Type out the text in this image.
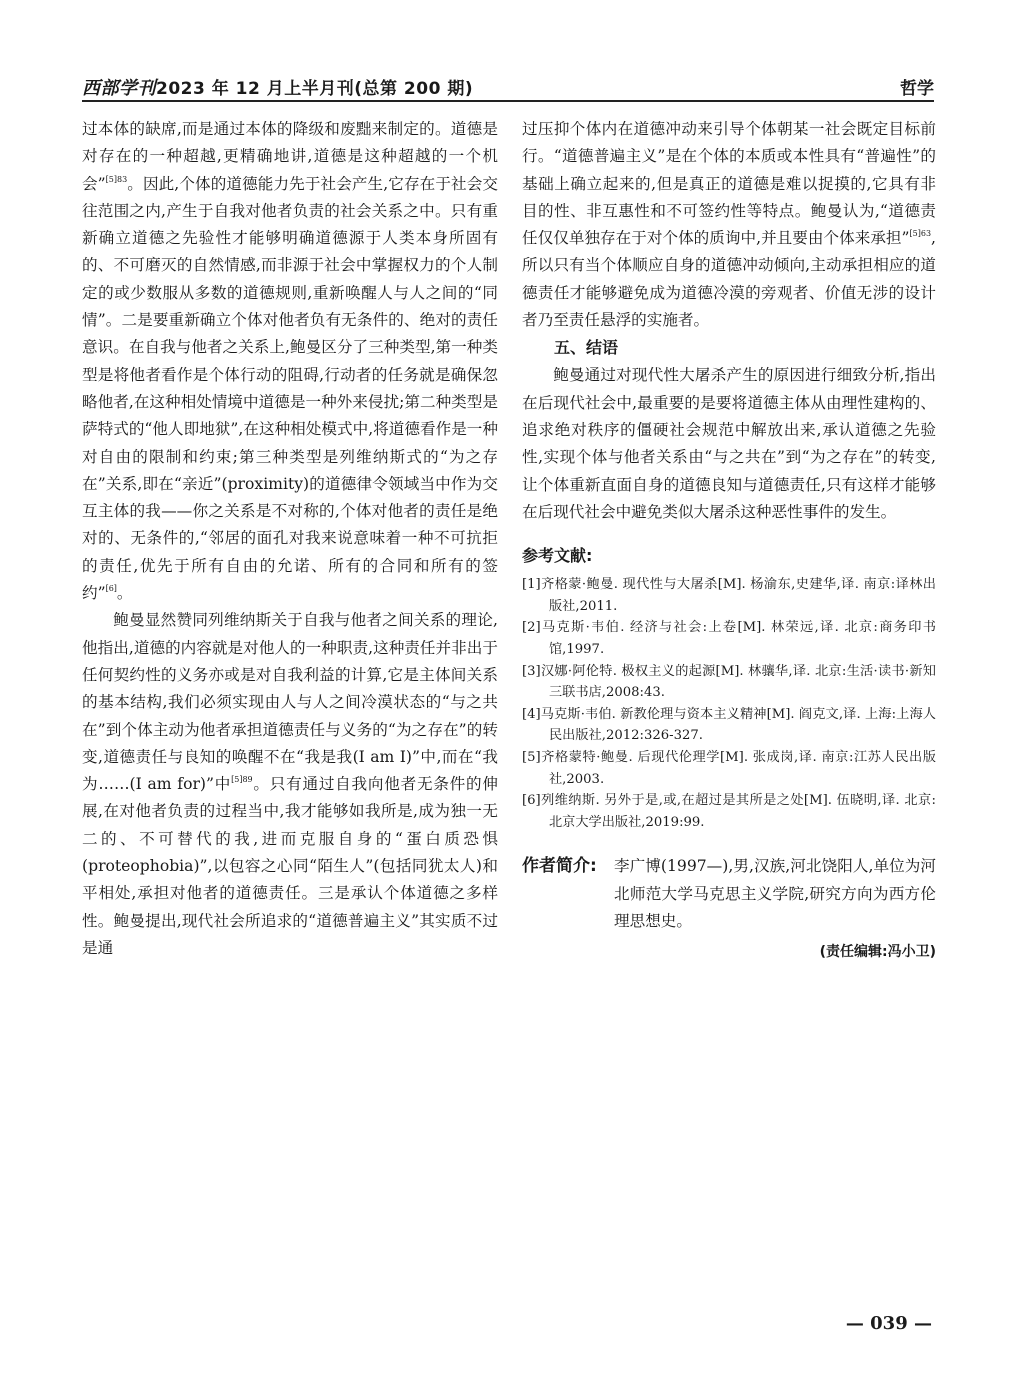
西部学刊2023 年 12 月上半月刊(总第 200 期)	哲学

过本体的缺席,而是通过本体的降级和废黜来制定的。道德是对存在的一种超越,更精确地讲,道德是这种超越的一个机会”$^{[5]83}$。因此,个体的道德能力先于社会产生,它存在于社会交往范围之内,产生于自我对他者负责的社会关系之中。只有重新确立道德之先验性才能够明确道德源于人类本身所固有的、不可磨灭的自然情感,而非源于社会中掌握权力的个人制定的或少数服从多数的道德规则,重新唤醒人与人之间的“同情”。二是要重新确立个体对他者负有无条件的、绝对的责任意识。在自我与他者之关系上,鲍曼区分了三种类型,第一种类型是将他者看作是个体行动的阻碍,行动者的任务就是确保忽略他者,在这种相处情境中道德是一种外来侵扰;第二种类型是萨特式的“他人即地狱”,在这种相处模式中,将道德看作是一种对自由的限制和约束;第三种类型是列维纳斯式的“为之存在”关系,即在“亲近”(proximity)的道德律令领域当中作为交互主体的我——你之关系是不对称的,个体对他者的责任是绝对的、无条件的,“邻居的面孔对我来说意味着一种不可抗拒的责任,优先于所有自由的允诺、所有的合同和所有的签约”[6]。

鲍曼显然赞同列维纳斯关于自我与他者之间关系的理论,他指出,道德的内容就是对他人的一种职责,这种责任并非出于任何契约性的义务亦或是对自我利益的计算,它是主体间关系的基本结构,我们必须实现由人与人之间冷漠状态的“与之共在”到个体主动为他者承担道德责任与义务的“为之存在”的转变,道德责任与良知的唤醒不在“我是我(I am I)”中,而在“我为……(I am for)”中$^{[5]89}$。只有通过自我向他者无条件的伸展,在对他者负责的过程当中,我才能够如我所是,成为独一无二的、不可替代的我,进而克服自身的“蛋白质恐惧(proteophobia)”,以包容之心同“陌生人”(包括同犹太人)和平相处,承担对他者的道德责任。三是承认个体道德之多样性。鲍曼提出,现代社会所追求的“道德普遍主义”其实质不过是通

过压抑个体内在道德冲动来引导个体朝某一社会既定目标前行。“道德普遍主义”是在个体的本质或本性具有“普遍性”的基础上确立起来的,但是真正的道德是难以捉摸的,它具有非目的性、非互惠性和不可签约性等特点。鲍曼认为,“道德责任仅仅单独存在于对个体的质询中,并且要由个体来承担”$^{[5]63}$,所以只有当个体顺应自身的道德冲动倾向,主动承担相应的道德责任才能够避免成为道德冷漠的旁观者、价值无涉的设计者乃至责任悬浮的实施者。

五、结语

鲍曼通过对现代性大屠杀产生的原因进行细致分析,指出在后现代社会中,最重要的是要将道德主体从由理性建构的、追求绝对秩序的僵硬社会规范中解放出来,承认道德之先验性,实现个体与他者关系由“与之共在”到“为之存在”的转变,让个体重新直面自身的道德良知与道德责任,只有这样才能够在后现代社会中避免类似大屠杀这种恶性事件的发生。

参考文献:

[1]齐格蒙·鲍曼. 现代性与大屠杀[M]. 杨渝东,史建华,译. 南京:译林出版社,2011.

[2]马克斯·韦伯. 经济与社会:上卷[M]. 林荣远,译. 北京:商务印书馆,1997.

[3]汉娜·阿伦特. 极权主义的起源[M]. 林骧华,译. 北京:生活·读书·新知三联书店,2008:43.

[4]马克斯·韦伯. 新教伦理与资本主义精神[M]. 阎克文,译. 上海:上海人民出版社,2012:326-327.

[5]齐格蒙特·鲍曼. 后现代伦理学[M]. 张成岗,译. 南京:江苏人民出版社,2003.

[6]列维纳斯. 另外于是,或,在超过是其所是之处[M]. 伍晓明,译. 北京:北京大学出版社,2019:99.

作者简介:	李广博(1997—),男,汉族,河北饶阳人,单位为河北师范大学马克思主义学院,研究方向为西方伦理思想史。
(责任编辑:冯小卫)
— 039 —
